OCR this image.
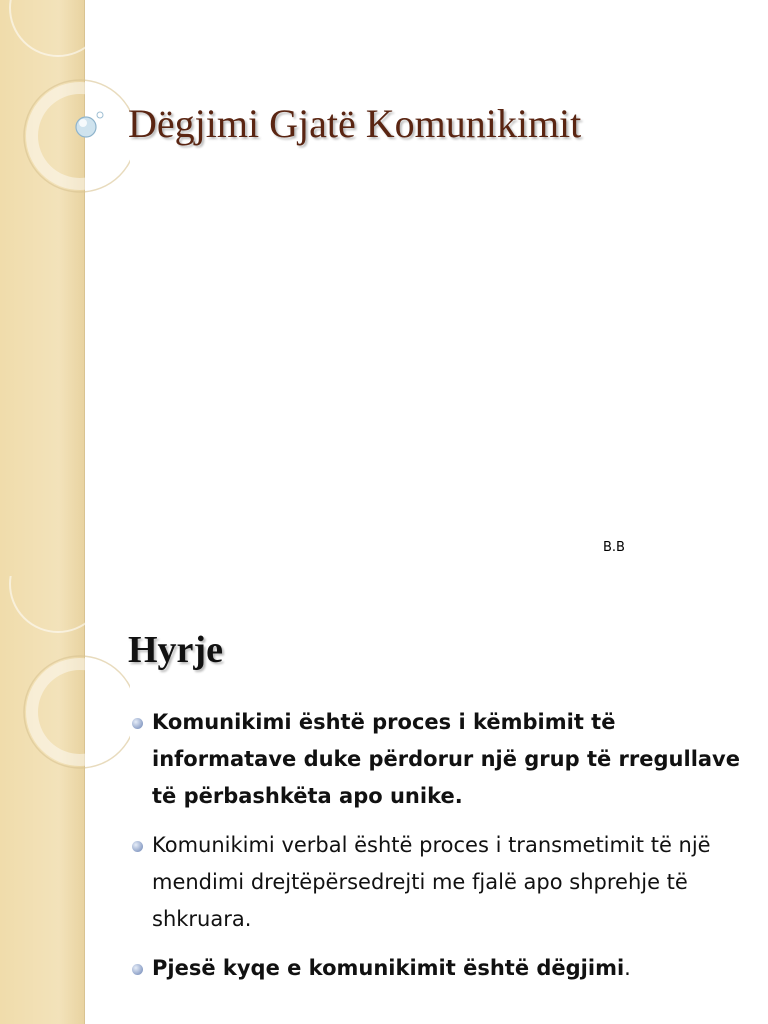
Dëgjimi Gjatë Komunikimit
B.B
Hyrje
Komunikimi është proces i këmbimit të informatave duke përdorur një grup të rregullave të përbashkëta apo unike.
Komunikimi verbal është proces i transmetimit të një mendimi drejtëpërsedrejti me fjalë apo shprehje të shkruara.
Pjesë kyqe e komunikimit është dëgjimi.
